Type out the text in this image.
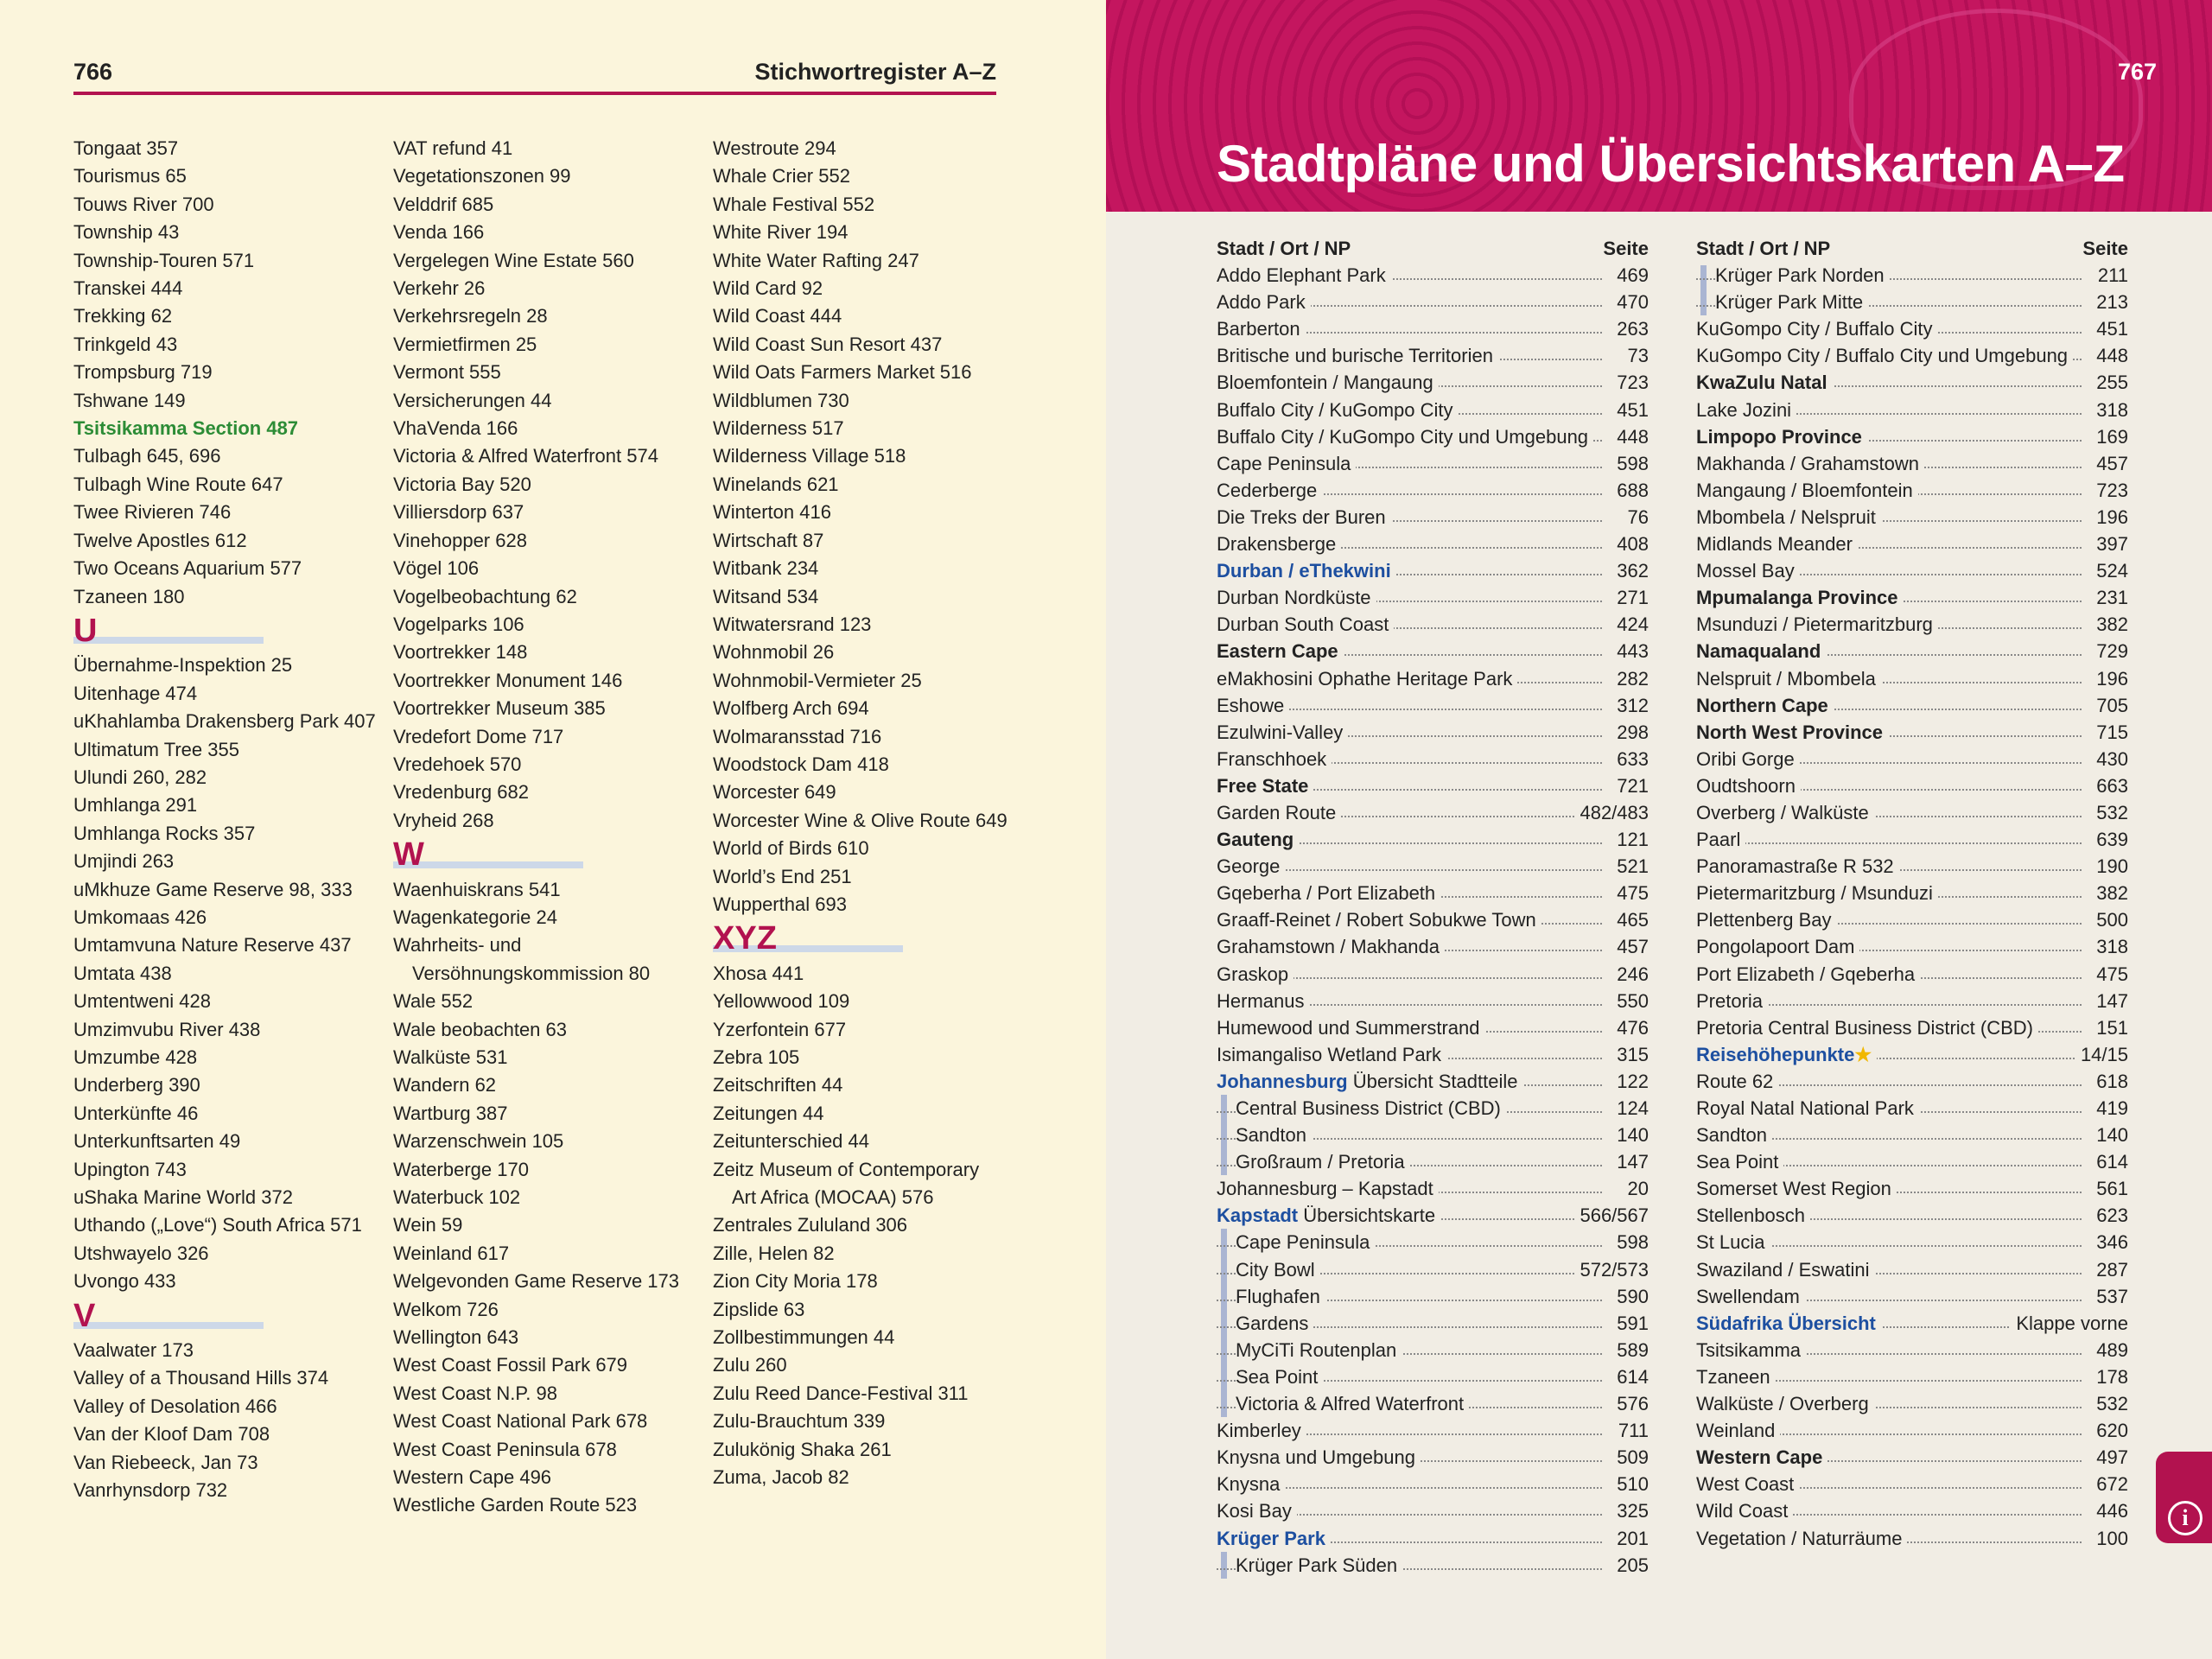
766	Stichwortregister A–Z
Tongaat 357
Tourismus 65
Touws River 700
Township 43
Township-Touren 571
Transkei 444
Trekking 62
Trinkgeld 43
Trompsburg 719
Tshwane 149
Tsitsikamma Section 487
Tulbagh 645, 696
Tulbagh Wine Route 647
Twee Rivieren 746
Twelve Apostles 612
Two Oceans Aquarium 577
Tzaneen 180
U
Übernahme-Inspektion 25
Uitenhage 474
uKhahlamba Drakensberg Park 407
Ultimatum Tree 355
Ulundi 260, 282
Umhlanga 291
Umhlanga Rocks 357
Umjindi 263
uMkhuze Game Reserve 98, 333
Umkomaas 426
Umtamvuna Nature Reserve 437
Umtata 438
Umtentweni 428
Umzimvubu River 438
Umzumbe 428
Underberg 390
Unterkünfte 46
Unterkunftsarten 49
Upington 743
uShaka Marine World 372
Uthando („Love“) South Africa 571
Utshwayelo 326
Uvongo 433
V
Vaalwater 173
Valley of a Thousand Hills 374
Valley of Desolation 466
Van der Kloof Dam 708
Van Riebeeck, Jan 73
Vanrhynsdorp 732
VAT refund 41
Vegetationszonen 99
Velddrif 685
Venda 166
Vergelegen Wine Estate 560
Verkehr 26
Verkehrsregeln 28
Vermietfirmen 25
Vermont 555
Versicherungen 44
VhaVenda 166
Victoria & Alfred Waterfront 574
Victoria Bay 520
Villiersdorp 637
Vinehopper 628
Vögel 106
Vogelbeobachtung 62
Vogelparks 106
Voortrekker 148
Voortrekker Monument 146
Voortrekker Museum 385
Vredefort Dome 717
Vredehoek 570
Vredenburg 682
Vryheid 268
W
Waenhuiskrans 541
Wagenkategorie 24
Wahrheits- und
Versöhnungskommission 80
Wale 552
Wale beobachten 63
Walküste 531
Wandern 62
Wartburg 387
Warzenschwein 105
Waterberge 170
Waterbuck 102
Wein 59
Weinland 617
Welgevonden Game Reserve 173
Welkom 726
Wellington 643
West Coast Fossil Park 679
West Coast N.P. 98
West Coast National Park 678
West Coast Peninsula 678
Western Cape 496
Westliche Garden Route 523
Westroute 294
Whale Crier 552
Whale Festival 552
White River 194
White Water Rafting 247
Wild Card 92
Wild Coast 444
Wild Coast Sun Resort 437
Wild Oats Farmers Market 516
Wildblumen 730
Wilderness 517
Wilderness Village 518
Winelands 621
Winterton 416
Wirtschaft 87
Witbank 234
Witsand 534
Witwatersrand 123
Wohnmobil 26
Wohnmobil-Vermieter 25
Wolfberg Arch 694
Wolmaransstad 716
Woodstock Dam 418
Worcester 649
Worcester Wine & Olive Route 649
World of Birds 610
World’s End 251
Wupperthal 693
XYZ
Xhosa 441
Yellowwood 109
Yzerfontein 677
Zebra 105
Zeitschriften 44
Zeitungen 44
Zeitunterschied 44
Zeitz Museum of Contemporary
Art Africa (MOCAA) 576
Zentrales Zululand 306
Zille, Helen 82
Zion City Moria 178
Zipslide 63
Zollbestimmungen 44
Zulu 260
Zulu Reed Dance-Festival 311
Zulu-Brauchtum 339
Zulukönig Shaka 261
Zuma, Jacob 82
767
Stadtpläne und Übersichtskarten A–Z
Stadt / Ort / NP	Seite
Addo Elephant Park	469
Addo Park	470
Barberton	263
Britische und burische Territorien	73
Bloemfontein / Mangaung	723
Buffalo City / KuGompo City	451
Buffalo City / KuGompo City und Umgebung 448
Cape Peninsula	598
Cederberge	688
Die Treks der Buren	76
Drakensberge	408
Durban / eThekwini	362
Durban Nordküste	271
Durban South Coast	424
Eastern Cape	443
eMakhosini Ophathe Heritage Park	282
Eshowe	312
Ezulwini-Valley	298
Franschhoek	633
Free State	721
Garden Route	482/483
Gauteng	121
George	521
Gqeberha / Port Elizabeth	475
Graaff-Reinet / Robert Sobukwe Town	465
Grahamstown / Makhanda	457
Graskop	246
Hermanus	550
Humewood und Summerstrand	476
Isimangaliso Wetland Park	315
Johannesburg Übersicht Stadtteile	122
Central Business District (CBD)	124
Sandton	140
Großraum / Pretoria	147
Johannesburg – Kapstadt	20
Kapstadt Übersichtskarte	566/567
Cape Peninsula	598
City Bowl	572/573
Flughafen	590
Gardens	591
MyCiTi Routenplan	589
Sea Point	614
Victoria & Alfred Waterfront	576
Kimberley	711
Knysna und Umgebung	509
Knysna	510
Kosi Bay	325
Krüger Park	201
Krüger Park Süden	205
Stadt / Ort / NP	Seite
Krüger Park Norden	211
Krüger Park Mitte	213
KuGompo City / Buffalo City	451
KuGompo City / Buffalo City und Umgebung 448
KwaZulu Natal	255
Lake Jozini	318
Limpopo Province	169
Makhanda / Grahamstown	457
Mangaung / Bloemfontein	723
Mbombela / Nelspruit	196
Midlands Meander	397
Mossel Bay	524
Mpumalanga Province	231
Msunduzi / Pietermaritzburg	382
Namaqualand	729
Nelspruit / Mbombela	196
Northern Cape	705
North West Province	715
Oribi Gorge	430
Oudtshoorn	663
Overberg / Walküste	532
Paarl	639
Panoramastraße R 532	190
Pietermaritzburg / Msunduzi	382
Plettenberg Bay	500
Pongolapoort Dam	318
Port Elizabeth / Gqeberha	475
Pretoria	147
Pretoria Central Business District (CBD)	151
Reisehöhepunkte★	14/15
Route 62	618
Royal Natal National Park	419
Sandton	140
Sea Point	614
Somerset West Region	561
Stellenbosch	623
St Lucia	346
Swaziland / Eswatini	287
Swellendam	537
Südafrika Übersicht	Klappe vorne
Tsitsikamma	489
Tzaneen	178
Walküste / Overberg	532
Weinland	620
Western Cape	497
West Coast	672
Wild Coast	446
Vegetation / Naturräume	100
i
